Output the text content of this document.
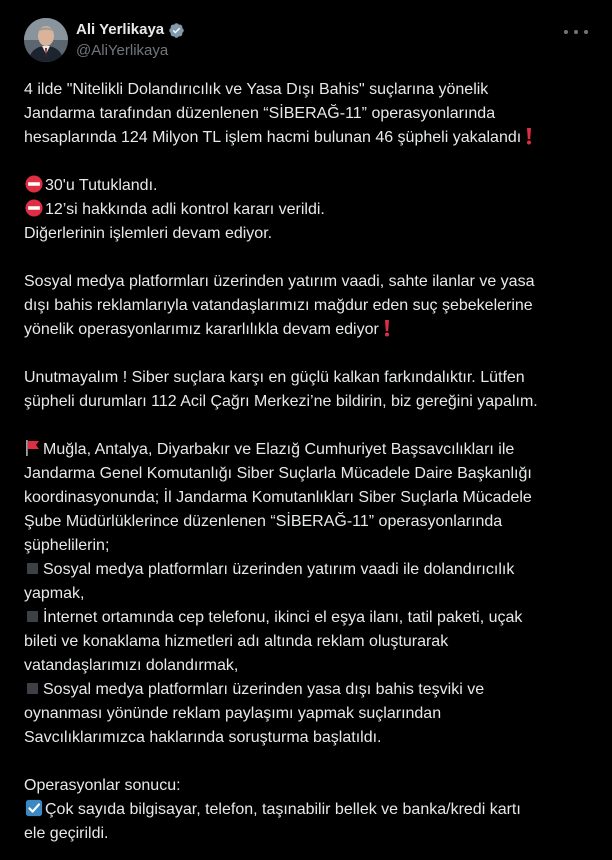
Ali Yerlikaya
@AliYerlikaya

4 ilde "Nitelikli Dolandırıcılık ve Yasa Dışı Bahis" suçlarına yönelik

Jandarma tarafından düzenlenen “SİBERAĞ-11” operasyonlarında

hesaplarında 124 Milyon TL işlem hacmi bulunan 46 şüpheli yakalandı

30'u Tutuklandı.

12’si hakkında adli kontrol kararı verildi.

Diğerlerinin işlemleri devam ediyor.

Sosyal medya platformları üzerinden yatırım vaadi, sahte ilanlar ve yasa

dışı bahis reklamlarıyla vatandaşlarımızı mağdur eden suç şebekelerine

yönelik operasyonlarımız kararlılıkla devam ediyor

Unutmayalım ! Siber suçlara karşı en güçlü kalkan farkındalıktır. Lütfen

şüpheli durumları 112 Acil Çağrı Merkezi’ne bildirin, biz gereğini yapalım.

Muğla, Antalya, Diyarbakır ve Elazığ Cumhuriyet Başsavcılıkları ile

Jandarma Genel Komutanlığı Siber Suçlarla Mücadele Daire Başkanlığı

koordinasyonunda; İl Jandarma Komutanlıkları Siber Suçlarla Mücadele

Şube Müdürlüklerince düzenlenen “SİBERAĞ-11” operasyonlarında

şüphelilerin;

Sosyal medya platformları üzerinden yatırım vaadi ile dolandırıcılık

yapmak,

İnternet ortamında cep telefonu, ikinci el eşya ilanı, tatil paketi, uçak

bileti ve konaklama hizmetleri adı altında reklam oluşturarak

vatandaşlarımızı dolandırmak,

Sosyal medya platformları üzerinden yasa dışı bahis teşviki ve

oynanması yönünde reklam paylaşımı yapmak suçlarından

Savcılıklarımızca haklarında soruşturma başlatıldı.

Operasyonlar sonucu:

Çok sayıda bilgisayar, telefon, taşınabilir bellek ve banka/kredi kartı

ele geçirildi.
